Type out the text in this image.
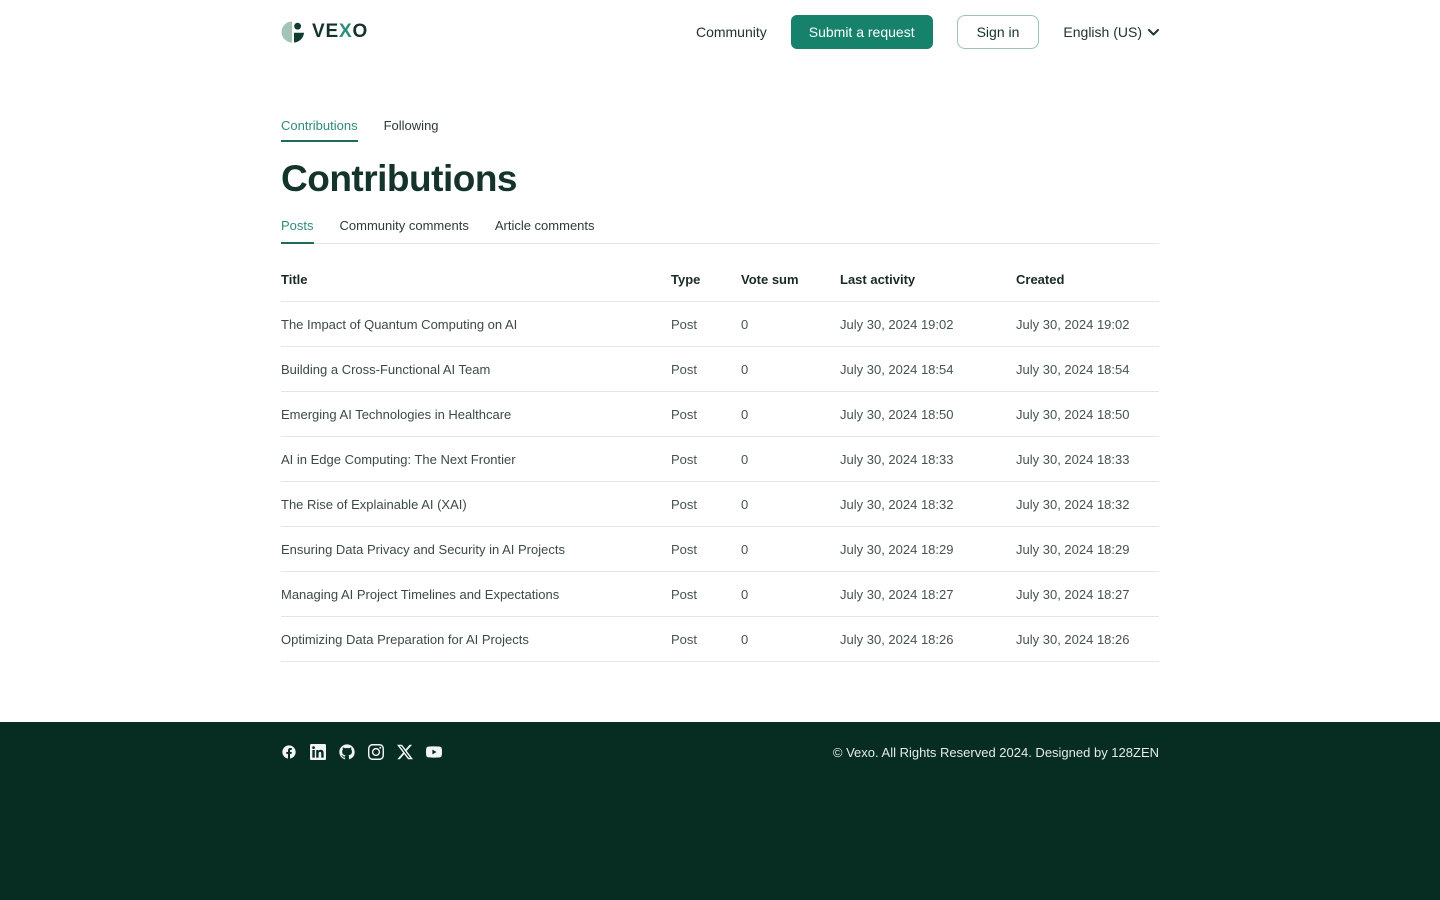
VEXO	Community	Submit a request	Sign in	English (US)
Contributions Following
Contributions
Posts Community comments Article comments
Title	Type	Vote sum	Last activity	Created
The Impact of Quantum Computing on AI	Post	0	July 30, 2024 19:02	July 30, 2024 19:02
Building a Cross-Functional AI Team	Post	0	July 30, 2024 18:54	July 30, 2024 18:54
Emerging AI Technologies in Healthcare	Post	0	July 30, 2024 18:50	July 30, 2024 18:50
AI in Edge Computing: The Next Frontier	Post	0	July 30, 2024 18:33	July 30, 2024 18:33
The Rise of Explainable AI (XAI)	Post	0	July 30, 2024 18:32	July 30, 2024 18:32
Ensuring Data Privacy and Security in AI Projects	Post	0	July 30, 2024 18:29	July 30, 2024 18:29
Managing AI Project Timelines and Expectations	Post	0	July 30, 2024 18:27	July 30, 2024 18:27
Optimizing Data Preparation for AI Projects	Post	0	July 30, 2024 18:26	July 30, 2024 18:26
© Vexo. All Rights Reserved 2024. Designed by 128ZEN
